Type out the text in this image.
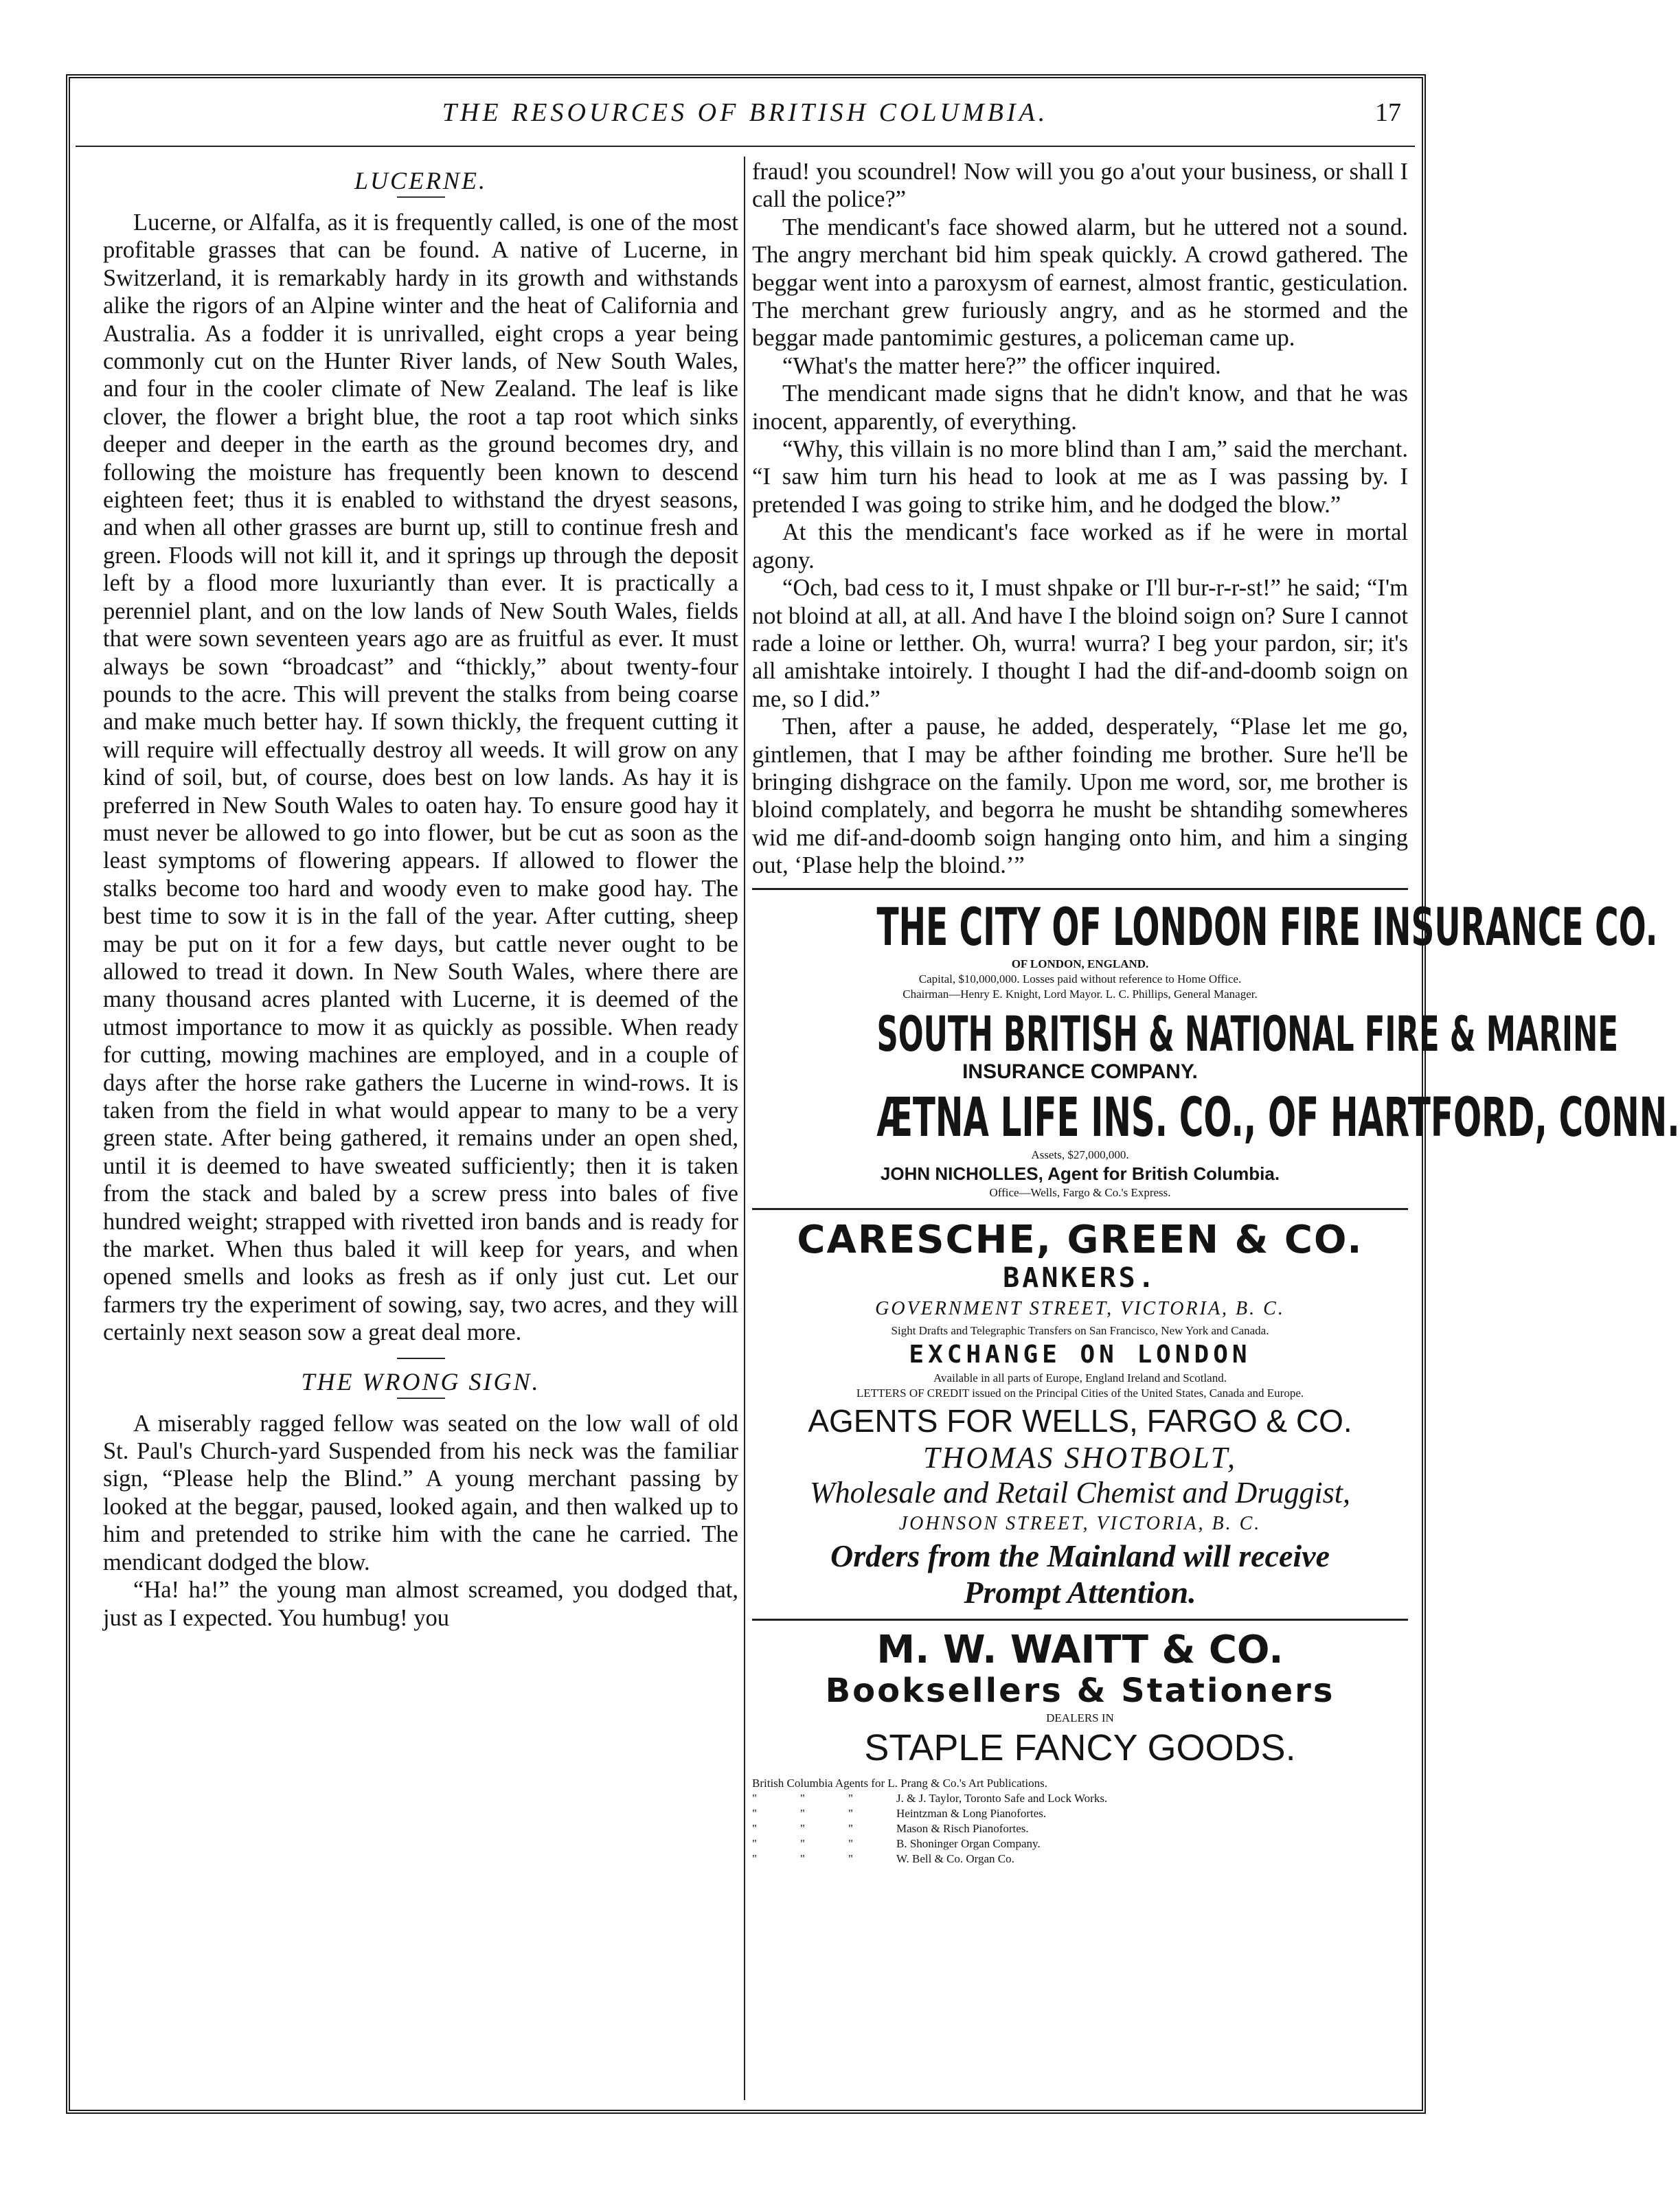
THE RESOURCES OF BRITISH COLUMBIA.	17
LUCERNE.

Lucerne, or Alfalfa, as it is frequently called, is one of the most profitable grasses that can be found. A native of Lucerne, in Switzerland, it is remarkably hardy in its growth and withstands alike the rigors of an Alpine winter and the heat of California and Australia. As a fodder it is unrivalled, eight crops a year being commonly cut on the Hunter River lands, of New South Wales, and four in the cooler climate of New Zealand. The leaf is like clover, the flower a bright blue, the root a tap root which sinks deeper and deeper in the earth as the ground becomes dry, and following the moisture has frequently been known to descend eighteen feet; thus it is enabled to withstand the dryest seasons, and when all other grasses are burnt up, still to continue fresh and green. Floods will not kill it, and it springs up through the deposit left by a flood more luxuriantly than ever. It is practically a perenniel plant, and on the low lands of New South Wales, fields that were sown seventeen years ago are as fruitful as ever. It must always be sown “broadcast” and “thickly,” about twenty-four pounds to the acre. This will prevent the stalks from being coarse and make much better hay. If sown thickly, the frequent cutting it will require will effectually destroy all weeds. It will grow on any kind of soil, but, of course, does best on low lands. As hay it is preferred in New South Wales to oaten hay. To ensure good hay it must never be allowed to go into flower, but be cut as soon as the least symptoms of flowering appears. If allowed to flower the stalks become too hard and woody even to make good hay. The best time to sow it is in the fall of the year. After cutting, sheep may be put on it for a few days, but cattle never ought to be allowed to tread it down. In New South Wales, where there are many thousand acres planted with Lucerne, it is deemed of the utmost importance to mow it as quickly as possible. When ready for cutting, mowing machines are employed, and in a couple of days after the horse rake gathers the Lucerne in wind-rows. It is taken from the field in what would appear to many to be a very green state. After being gathered, it remains under an open shed, until it is deemed to have sweated sufficiently; then it is taken from the stack and baled by a screw press into bales of five hundred weight; strapped with rivetted iron bands and is ready for the market. When thus baled it will keep for years, and when opened smells and looks as fresh as if only just cut. Let our farmers try the experiment of sowing, say, two acres, and they will certainly next season sow a great deal more.

THE WRONG SIGN.

A miserably ragged fellow was seated on the low wall of old St. Paul's Church-yard Suspended from his neck was the familiar sign, “Please help the Blind.” A young merchant passing by looked at the beggar, paused, looked again, and then walked up to him and pretended to strike him with the cane he carried. The mendicant dodged the blow.

“Ha! ha!” the young man almost screamed, you dodged that, just as I expected. You humbug! you

fraud! you scoundrel! Now will you go a'out your business, or shall I call the police?”

The mendicant's face showed alarm, but he uttered not a sound. The angry merchant bid him speak quickly. A crowd gathered. The beggar went into a paroxysm of earnest, almost frantic, gesticulation. The merchant grew furiously angry, and as he stormed and the beggar made pantomimic gestures, a policeman came up.

“What's the matter here?” the officer inquired.

The mendicant made signs that he didn't know, and that he was inocent, apparently, of everything.

“Why, this villain is no more blind than I am,” said the merchant. “I saw him turn his head to look at me as I was passing by. I pretended I was going to strike him, and he dodged the blow.”

At this the mendicant's face worked as if he were in mortal agony.

“Och, bad cess to it, I must shpake or I'll bur-r-r-st!” he said; “I'm not bloind at all, at all. And have I the bloind soign on? Sure I cannot rade a loine or letther. Oh, wurra! wurra? I beg your pardon, sir; it's all amishtake intoirely. I thought I had the dif-and-doomb soign on me, so I did.”

Then, after a pause, he added, desperately, “Plase let me go, gintlemen, that I may be afther foinding me brother. Sure he'll be bringing dishgrace on the family. Upon me word, sor, me brother is bloind complately, and begorra he musht be shtandihg somewheres wid me dif-and-doomb soign hanging onto him, and him a singing out, ‘Plase help the bloind.’”

THE CITY OF LONDON FIRE INSURANCE CO.
OF LONDON, ENGLAND.
Capital, $10,000,000. Losses paid without reference to Home Office.
Chairman—Henry E. Knight, Lord Mayor. L. C. Phillips, General Manager.
SOUTH BRITISH & NATIONAL FIRE & MARINE
INSURANCE COMPANY.
ÆTNA LIFE INS. CO., OF HARTFORD, CONN.
Assets, $27,000,000.
JOHN NICHOLLES, Agent for British Columbia.
Office—Wells, Fargo & Co.'s Express.
CARESCHE, GREEN & CO.
BANKERS.
GOVERNMENT STREET, VICTORIA, B. C.
Sight Drafts and Telegraphic Transfers on San Francisco, New York and Canada.
EXCHANGE ON LONDON
Available in all parts of Europe, England Ireland and Scotland.
LETTERS OF CREDIT issued on the Principal Cities of the United States, Canada and Europe.
AGENTS FOR WELLS, FARGO & CO.
THOMAS SHOTBOLT,
Wholesale and Retail Chemist and Druggist,
JOHNSON STREET, VICTORIA, B. C.
Orders from the Mainland will receive
Prompt Attention.
M. W. WAITT & CO.
Booksellers & Stationers
DEALERS IN
STAPLE FANCY GOODS.
British Columbia Agents for L. Prang & Co.'s Art Publications.
"	"	"	J. & J. Taylor, Toronto Safe and Lock Works.
"	"	"	Heintzman & Long Pianofortes.
"	"	"	Mason & Risch Pianofortes.
"	"	"	B. Shoninger Organ Company.
"	"	"	W. Bell & Co. Organ Co.
